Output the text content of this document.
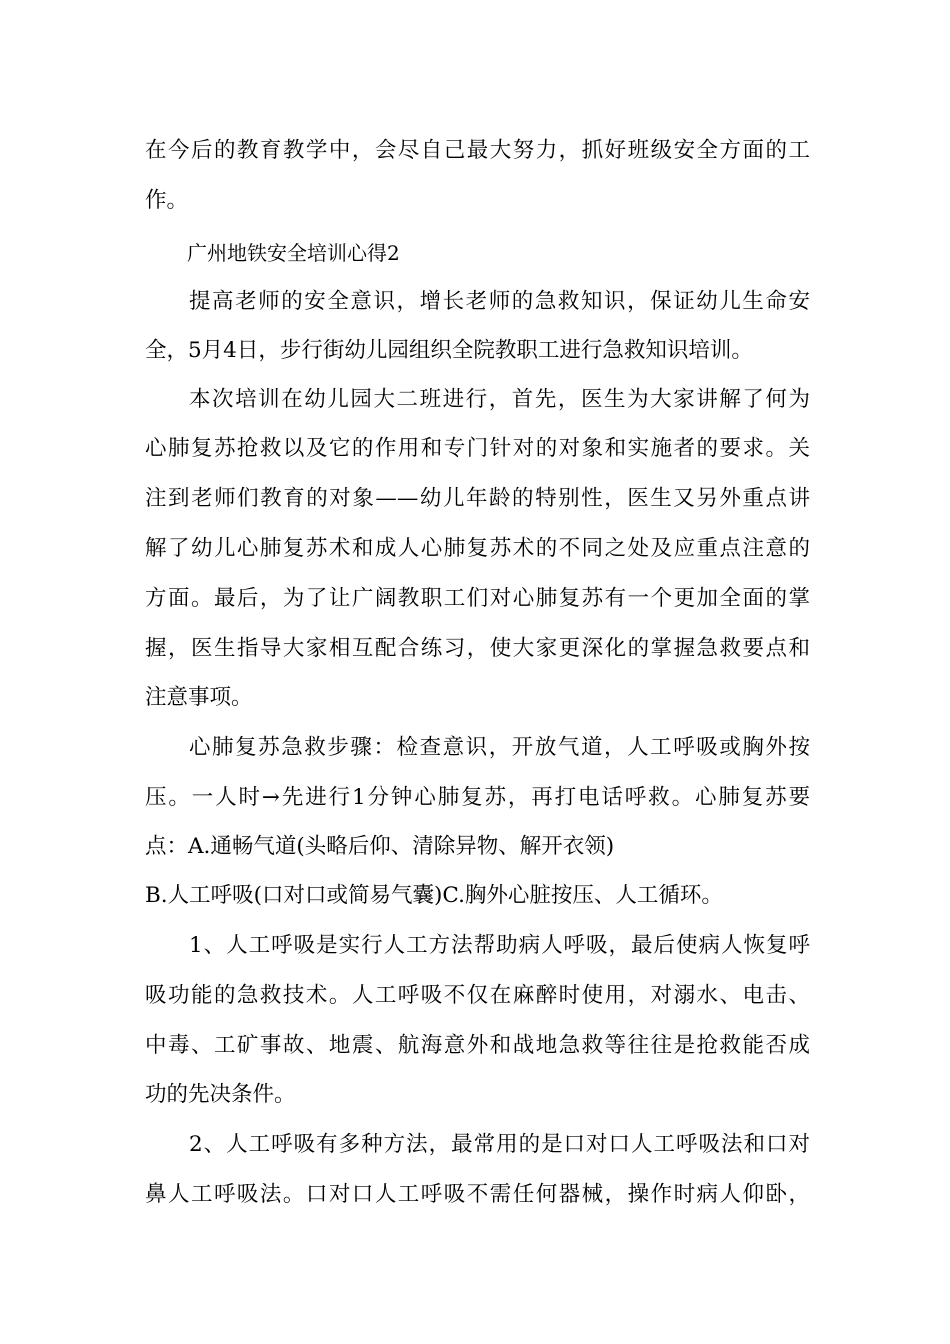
在今后的教育教学中，会尽自己最大努力，抓好班级安全方面的工
作。
广州地铁安全培训心得2
提高老师的安全意识，增长老师的急救知识，保证幼儿生命安
全，5月4日，步行街幼儿园组织全院教职工进行急救知识培训。
本次培训在幼儿园大二班进行，首先，医生为大家讲解了何为
心肺复苏抢救以及它的作用和专门针对的对象和实施者的要求。关
注到老师们教育的对象——幼儿年龄的特别性，医生又另外重点讲
解了幼儿心肺复苏术和成人心肺复苏术的不同之处及应重点注意的
方面。最后，为了让广阔教职工们对心肺复苏有一个更加全面的掌
握，医生指导大家相互配合练习，使大家更深化的掌握急救要点和
注意事项。
心肺复苏急救步骤：检查意识，开放气道，人工呼吸或胸外按
压。一人时→先进行1分钟心肺复苏，再打电话呼救。心肺复苏要
点：A.通畅气道(头略后仰、清除异物、解开衣领)
B.人工呼吸(口对口或简易气囊)C.胸外心脏按压、人工循环。
1、人工呼吸是实行人工方法帮助病人呼吸，最后使病人恢复呼
吸功能的急救技术。人工呼吸不仅在麻醉时使用，对溺水、电击、
中毒、工矿事故、地震、航海意外和战地急救等往往是抢救能否成
功的先决条件。
2、人工呼吸有多种方法，最常用的是口对口人工呼吸法和口对
鼻人工呼吸法。口对口人工呼吸不需任何器械，操作时病人仰卧，
